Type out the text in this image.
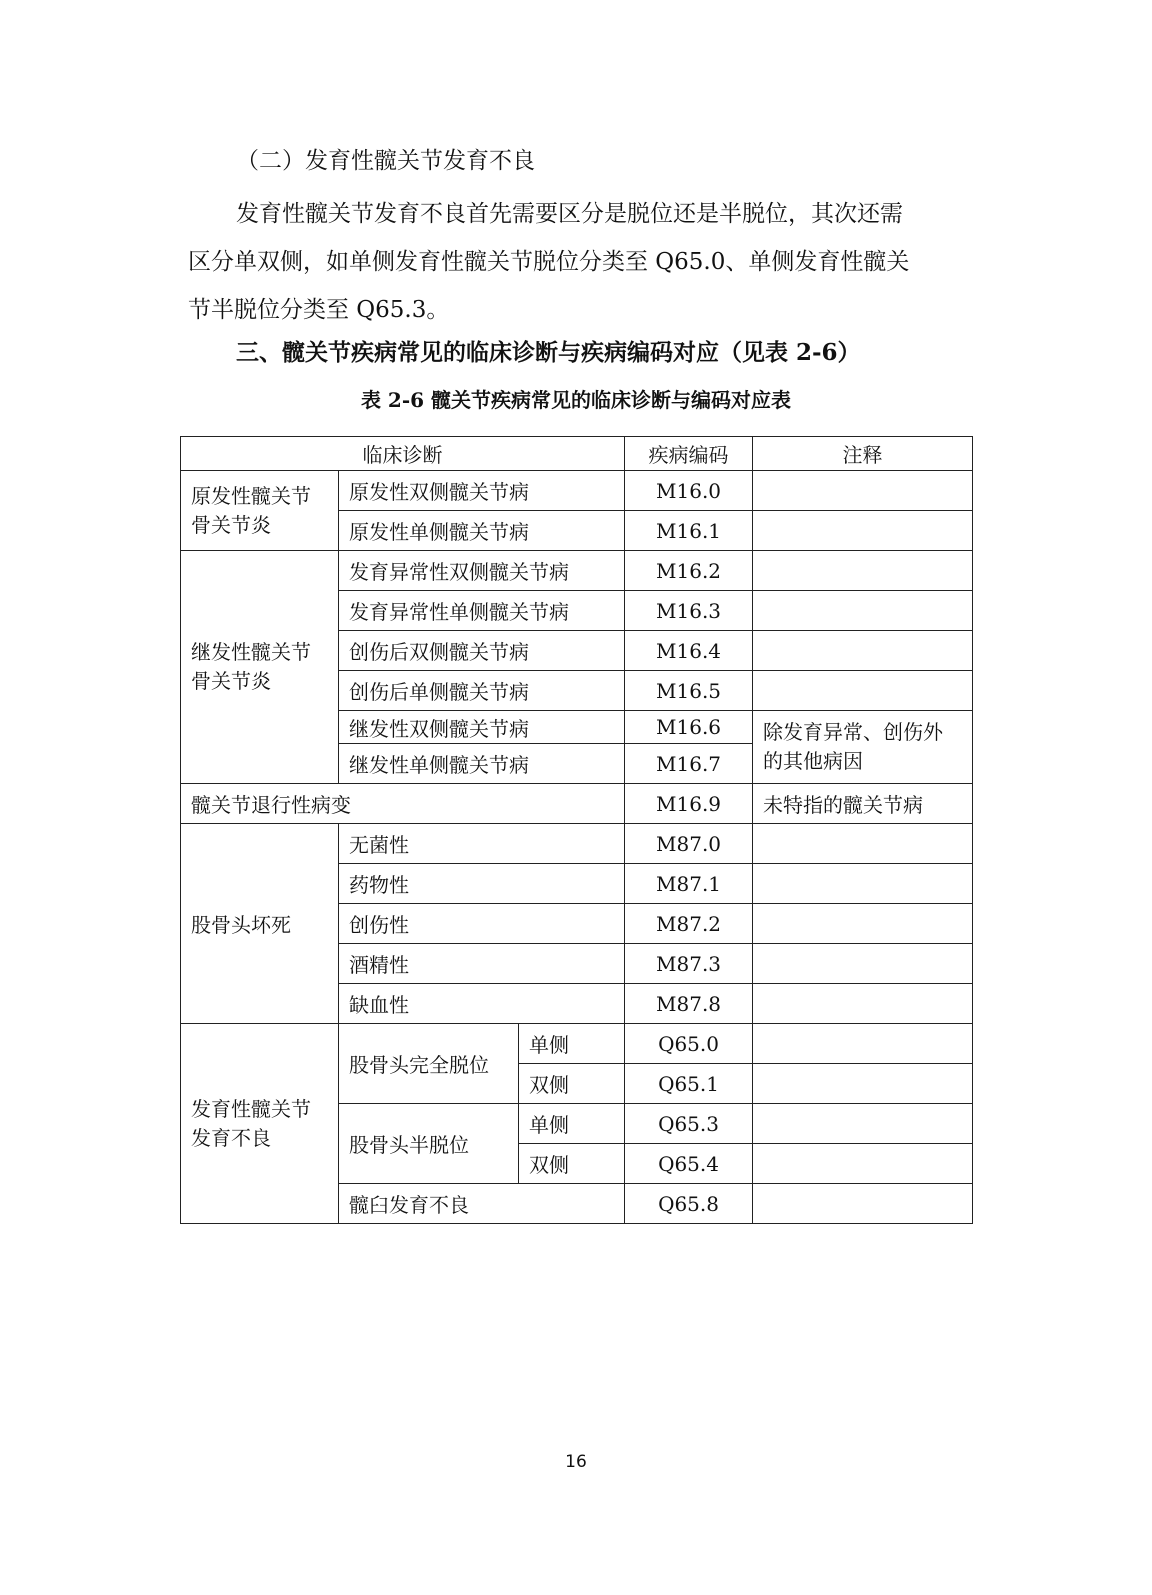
（二）发育性髋关节发育不良
发育性髋关节发育不良首先需要区分是脱位还是半脱位，其次还需
区分单双侧，如单侧发育性髋关节脱位分类至 Q65.0、单侧发育性髋关
节半脱位分类至 Q65.3。
三、髋关节疾病常见的临床诊断与疾病编码对应（见表 2-6）
表 2-6 髋关节疾病常见的临床诊断与编码对应表
临床诊断			疾病编码	注释
原发性髋关节骨关节炎	原发性双侧髋关节病		M16.0	
	原发性单侧髋关节病		M16.1	
继发性髋关节骨关节炎	发育异常性双侧髋关节病		M16.2	
	发育异常性单侧髋关节病		M16.3	
	创伤后双侧髋关节病		M16.4	
	创伤后单侧髋关节病		M16.5	
	继发性双侧髋关节病		M16.6	除发育异常、创伤外的其他病因
	继发性单侧髋关节病		M16.7	
髋关节退行性病变			M16.9	未特指的髋关节病
股骨头坏死	无菌性		M87.0	
	药物性		M87.1	
	创伤性		M87.2	
	酒精性		M87.3	
	缺血性		M87.8	
发育性髋关节发育不良	股骨头完全脱位	单侧	Q65.0	
		双侧	Q65.1	
	股骨头半脱位	单侧	Q65.3	
		双侧	Q65.4	
	髋臼发育不良		Q65.8	
16
